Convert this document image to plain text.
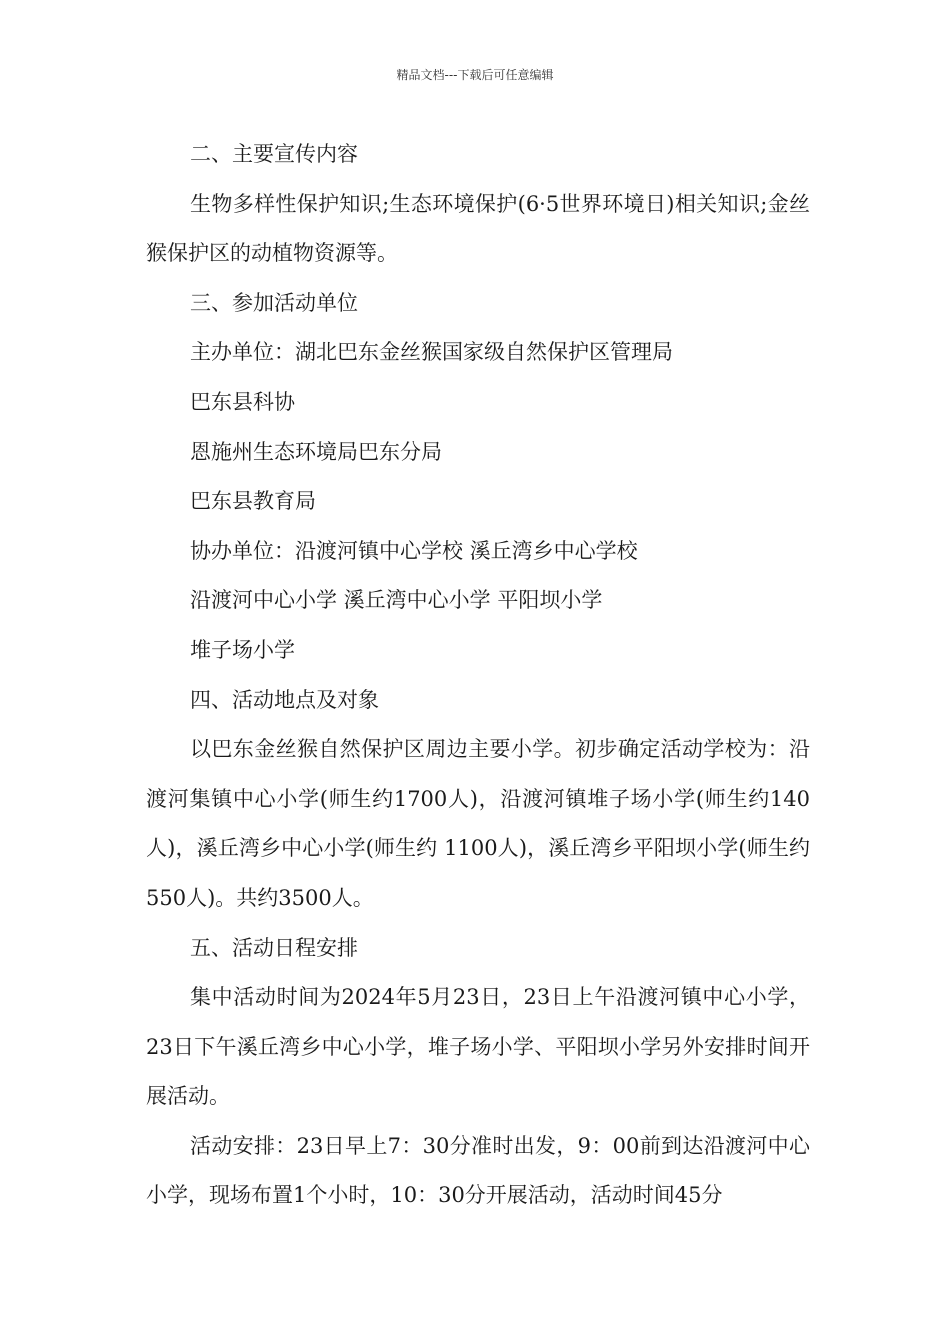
精品文档---下载后可任意编辑

二、主要宣传内容

生物多样性保护知识;生态环境保护(6·5世界环境日)相关知识;金丝猴保护区的动植物资源等。

三、参加活动单位

主办单位：湖北巴东金丝猴国家级自然保护区管理局

巴东县科协

恩施州生态环境局巴东分局

巴东县教育局

协办单位：沿渡河镇中心学校 溪丘湾乡中心学校

沿渡河中心小学 溪丘湾中心小学 平阳坝小学

堆子场小学

四、活动地点及对象

以巴东金丝猴自然保护区周边主要小学。初步确定活动学校为：沿渡河集镇中心小学(师生约1700人)，沿渡河镇堆子场小学(师生约140人)，溪丘湾乡中心小学(师生约 1100人)，溪丘湾乡平阳坝小学(师生约550人)。共约3500人。

五、活动日程安排

集中活动时间为2024年5月23日，23日上午沿渡河镇中心小学，23日下午溪丘湾乡中心小学，堆子场小学、平阳坝小学另外安排时间开展活动。

活动安排：23日早上7：30分准时出发，9：00前到达沿渡河中心小学，现场布置1个小时，10：30分开展活动，活动时间45分
